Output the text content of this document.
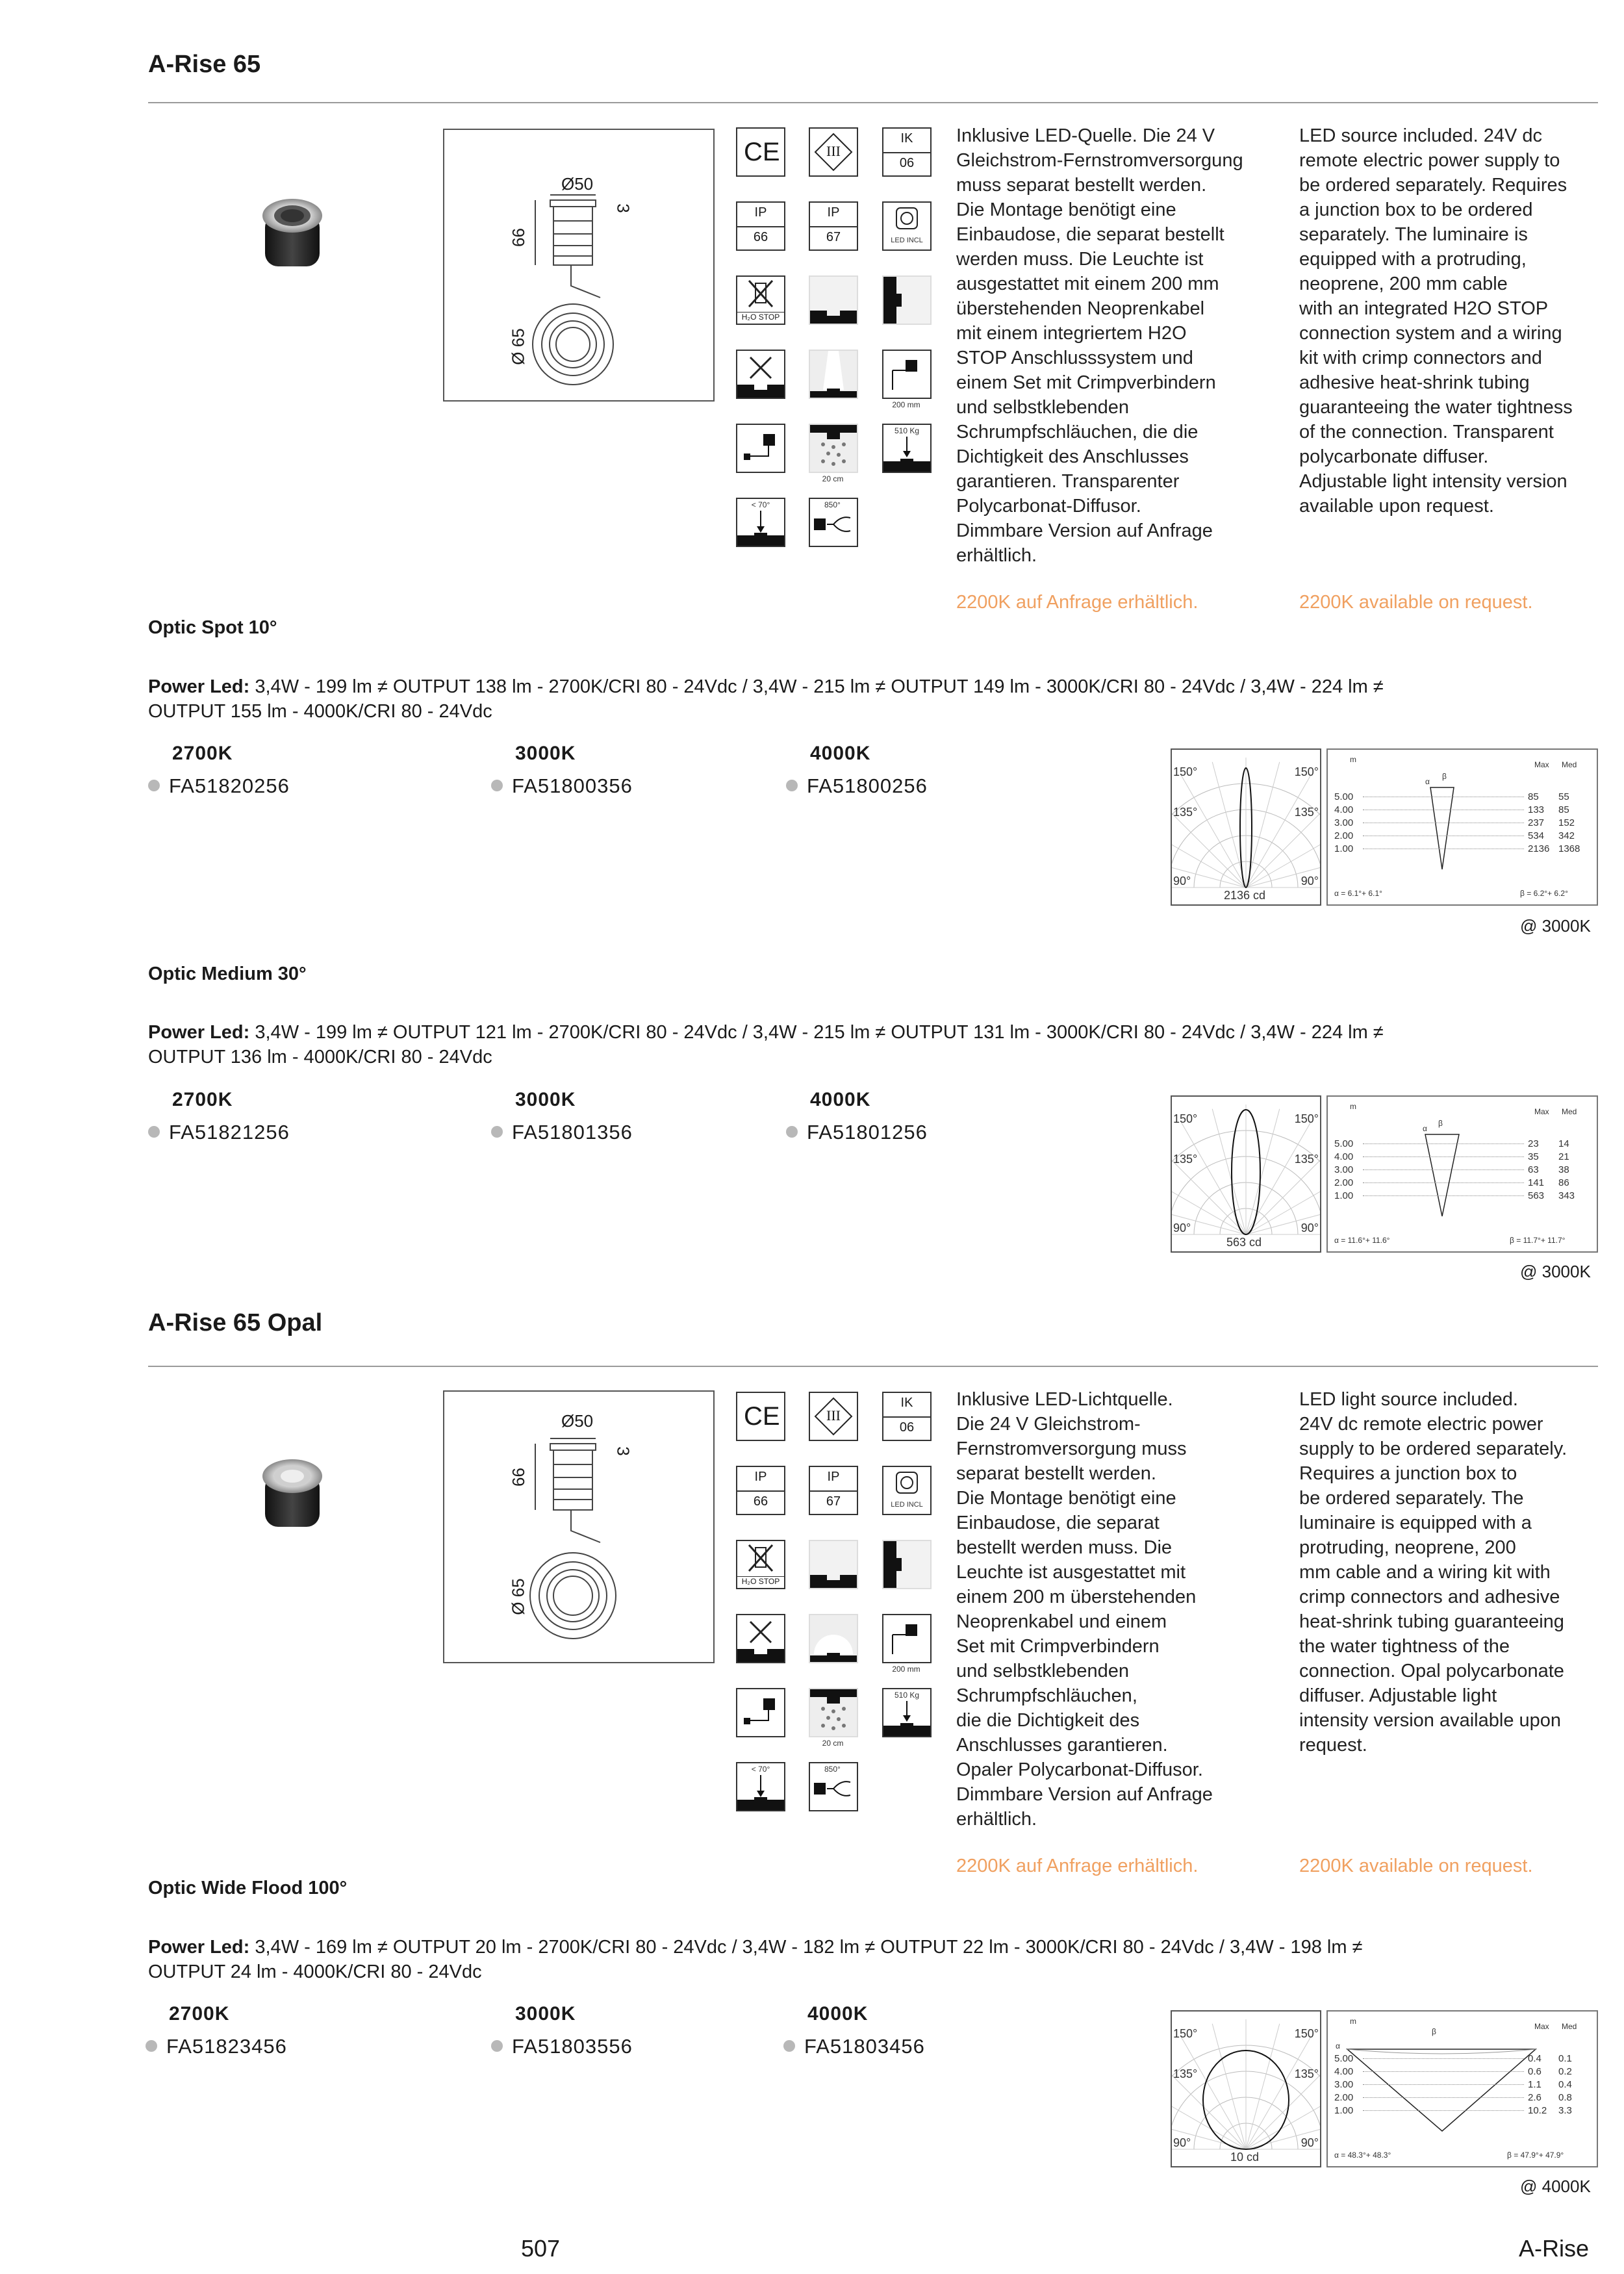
A-Rise 65
Ø50
66
3
Ø 65
CE	III
IK
06
IP
66
IP
67	LED INCL
H₂O STOP
200 mm
20 cm
510 Kg
< 70°	850°
Inklusive LED-Quelle. Die 24 V
Gleichstrom-Fernstromversorgung
muss separat bestellt werden.
Die Montage benötigt eine
Einbaudose, die separat bestellt
werden muss. Die Leuchte ist
ausgestattet mit einem 200 mm
überstehenden Neoprenkabel
mit einem integriertem H2O
STOP Anschlusssystem und
einem Set mit Crimpverbindern
und selbstklebenden
Schrumpfschläuchen, die die
Dichtigkeit des Anschlusses
garantieren. Transparenter
Polycarbonat-Diffusor.
Dimmbare Version auf Anfrage
erhältlich.
LED source included. 24V dc
remote electric power supply to
be ordered separately. Requires
a junction box to be ordered
separately. The luminaire is
equipped with a protruding,
neoprene, 200 mm cable
with an integrated H2O STOP
connection system and a wiring
kit with crimp connectors and
adhesive heat-shrink tubing
guaranteeing the water tightness
of the connection. Transparent
polycarbonate diffuser.
Adjustable light intensity version
available upon request.
2200K auf Anfrage erhältlich.	2200K available on request.
Optic Spot 10°
Power Led: 3,4W - 199 lm ≠ OUTPUT 138 lm - 2700K/CRI 80 - 24Vdc / 3,4W - 215 lm ≠ OUTPUT 149 lm - 3000K/CRI 80 - 24Vdc / 3,4W - 224 lm ≠
OUTPUT 155 lm - 4000K/CRI 80 - 24Vdc
2700K	3000K	4000K
FA51820256	FA51800356	FA51800256
150°	150°
135°	135°
90°	90°
2136 cd
m
Max Med
α
β
5.00	85 55
4.00	133 85
3.00	237 152
2.00	534 342
1.00	2136 1368
α = 6.1°+ 6.1°	β = 6.2°+ 6.2°
@ 3000K
Optic Medium 30°
Power Led: 3,4W - 199 lm ≠ OUTPUT 121 lm - 2700K/CRI 80 - 24Vdc / 3,4W - 215 lm ≠ OUTPUT 131 lm - 3000K/CRI 80 - 24Vdc / 3,4W - 224 lm ≠
OUTPUT 136 lm - 4000K/CRI 80 - 24Vdc
2700K	3000K	4000K
FA51821256	FA51801356	FA51801256
150°	150°
135°	135°
90°	90°
563 cd
m
Max Med
α
β
5.00	23 14
4.00	35 21
3.00	63 38
2.00	141 86
1.00	563 343
α = 11.6°+ 11.6°	β = 11.7°+ 11.7°
@ 3000K
A-Rise 65 Opal
Ø50
66
3
Ø 65
CE	III
IK
06
IP
66
IP
67	LED INCL
H₂O STOP
200 mm
20 cm
510 Kg
< 70°	850°
Inklusive LED-Lichtquelle.
Die 24 V Gleichstrom-
Fernstromversorgung muss
separat bestellt werden.
Die Montage benötigt eine
Einbaudose, die separat
bestellt werden muss. Die
Leuchte ist ausgestattet mit
einem 200 m überstehenden
Neoprenkabel und einem
Set mit Crimpverbindern
und selbstklebenden
Schrumpfschläuchen,
die die Dichtigkeit des
Anschlusses garantieren.
Opaler Polycarbonat-Diffusor.
Dimmbare Version auf Anfrage
erhältlich.
LED light source included.
24V dc remote electric power
supply to be ordered separately.
Requires a junction box to
be ordered separately. The
luminaire is equipped with a
protruding, neoprene, 200
mm cable and a wiring kit with
crimp connectors and adhesive
heat-shrink tubing guaranteeing
the water tightness of the
connection. Opal polycarbonate
diffuser. Adjustable light
intensity version available upon
request.
2200K auf Anfrage erhältlich.	2200K available on request.
Optic Wide Flood 100°
Power Led: 3,4W - 169 lm ≠ OUTPUT 20 lm - 2700K/CRI 80 - 24Vdc / 3,4W - 182 lm ≠ OUTPUT 22 lm - 3000K/CRI 80 - 24Vdc / 3,4W - 198 lm ≠
OUTPUT 24 lm - 4000K/CRI 80 - 24Vdc
2700K	3000K	4000K
FA51823456	FA51803556	FA51803456
150°	150°
135°	135°
90°	90°
10 cd
m
Max Med
α
β
5.00	0.4 0.1
4.00	0.6 0.2
3.00	1.1 0.4
2.00	2.6 0.8
1.00	10.2 3.3
α = 48.3°+ 48.3°	β = 47.9°+ 47.9°
@ 4000K
507	A-Rise
